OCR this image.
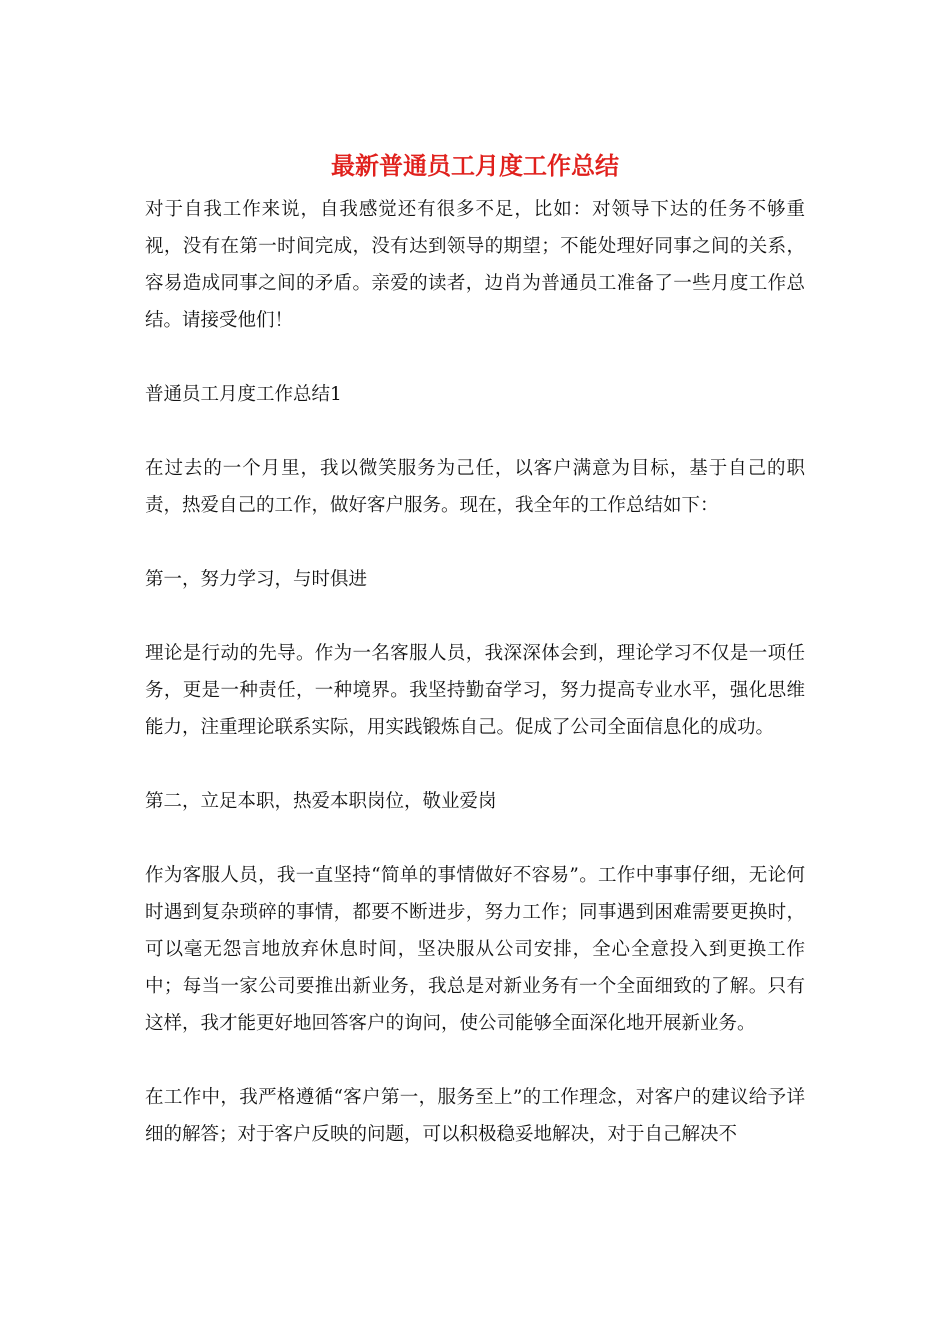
最新普通员工月度工作总结

对于自我工作来说，自我感觉还有很多不足，比如：对领导下达的任务不够重视，没有在第一时间完成，没有达到领导的期望；不能处理好同事之间的关系，容易造成同事之间的矛盾。亲爱的读者，边肖为普通员工准备了一些月度工作总结。请接受他们！

普通员工月度工作总结1

在过去的一个月里，我以微笑服务为己任，以客户满意为目标，基于自己的职责，热爱自己的工作，做好客户服务。现在，我全年的工作总结如下：

第一，努力学习，与时俱进

理论是行动的先导。作为一名客服人员，我深深体会到，理论学习不仅是一项任务，更是一种责任，一种境界。我坚持勤奋学习，努力提高专业水平，强化思维能力，注重理论联系实际，用实践锻炼自己。促成了公司全面信息化的成功。

第二，立足本职，热爱本职岗位，敬业爱岗

作为客服人员，我一直坚持“简单的事情做好不容易”。工作中事事仔细，无论何时遇到复杂琐碎的事情，都要不断进步，努力工作；同事遇到困难需要更换时，可以毫无怨言地放弃休息时间，坚决服从公司安排，全心全意投入到更换工作中；每当一家公司要推出新业务，我总是对新业务有一个全面细致的了解。只有这样，我才能更好地回答客户的询问，使公司能够全面深化地开展新业务。

在工作中，我严格遵循“客户第一，服务至上”的工作理念，对客户的建议给予详细的解答；对于客户反映的问题，可以积极稳妥地解决，对于自己解决不
